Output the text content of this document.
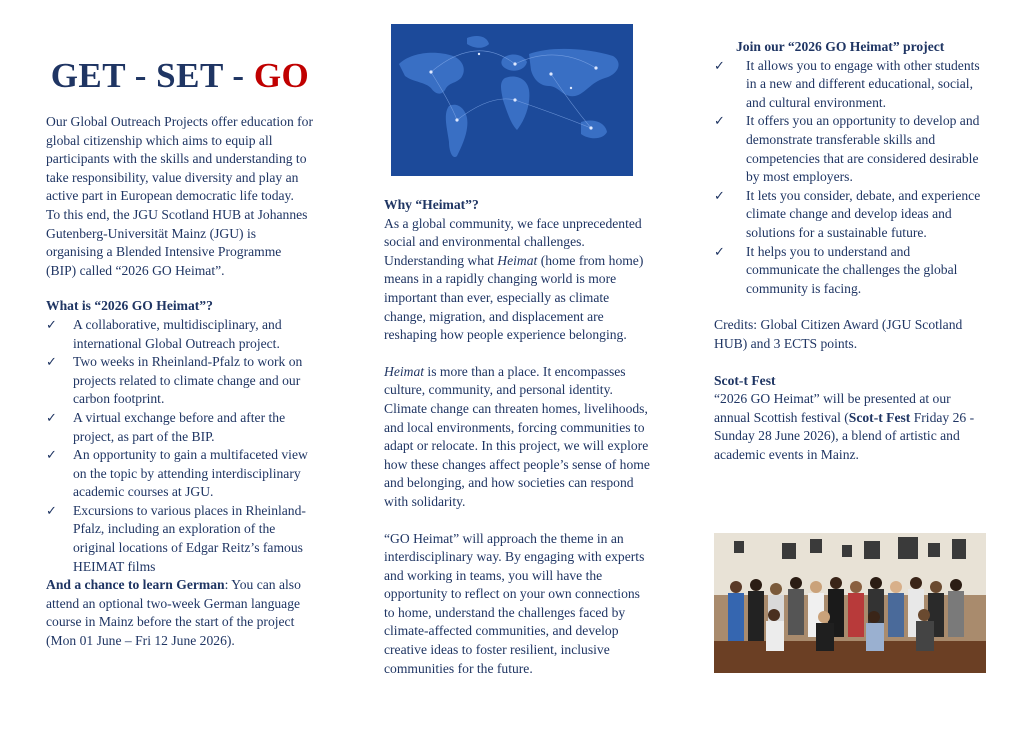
GET - SET - GO

Our Global Outreach Projects offer education for global citizenship which aims to equip all participants with the skills and understanding to take responsibility, value diversity and play an active part in European democratic life today.

To this end, the JGU Scotland HUB at Johannes Gutenberg-Universität Mainz (JGU) is organising a Blended Intensive Programme (BIP) called “2026 GO Heimat”.

What is “2026 GO Heimat”?

✓ A collaborative, multidisciplinary, and international Global Outreach project.
✓ Two weeks in Rheinland-Pfalz to work on projects related to climate change and our carbon footprint.
✓ A virtual exchange before and after the project, as part of the BIP.
✓ An opportunity to gain a multifaceted view on the topic by attending interdisciplinary academic courses at JGU.
✓ Excursions to various places in Rheinland-Pfalz, including an exploration of the original locations of Edgar Reitz’s famous HEIMAT films

And a chance to learn German: You can also attend an optional two-week German language course in Mainz before the start of the project (Mon 01 June – Fri 12 June 2026).

Why “Heimat”?

As a global community, we face unprecedented social and environmental challenges. Understanding what Heimat (home from home) means in a rapidly changing world is more important than ever, especially as climate change, migration, and displacement are reshaping how people experience belonging.

Heimat is more than a place. It encompasses culture, community, and personal identity. Climate change can threaten homes, livelihoods, and local environments, forcing communities to adapt or relocate. In this project, we will explore how these changes affect people’s sense of home and belonging, and how societies can respond with solidarity.

“GO Heimat” will approach the theme in an interdisciplinary way. By engaging with experts and working in teams, you will have the opportunity to reflect on your own connections to home, understand the challenges faced by climate-affected communities, and develop creative ideas to foster resilient, inclusive communities for the future.

Join our “2026 GO Heimat” project

✓ It allows you to engage with other students in a new and different educational, social, and cultural environment.
✓ It offers you an opportunity to develop and demonstrate transferable skills and competencies that are considered desirable by most employers.
✓ It lets you consider, debate, and experience climate change and develop ideas and solutions for a sustainable future.
✓ It helps you to understand and communicate the challenges the global community is facing.

Credits: Global Citizen Award (JGU Scotland HUB) and 3 ECTS points.

Scot-t Fest

“2026 GO Heimat” will be presented at our annual Scottish festival (Scot-t Fest Friday 26 - Sunday 28 June 2026), a blend of artistic and academic events in Mainz.
